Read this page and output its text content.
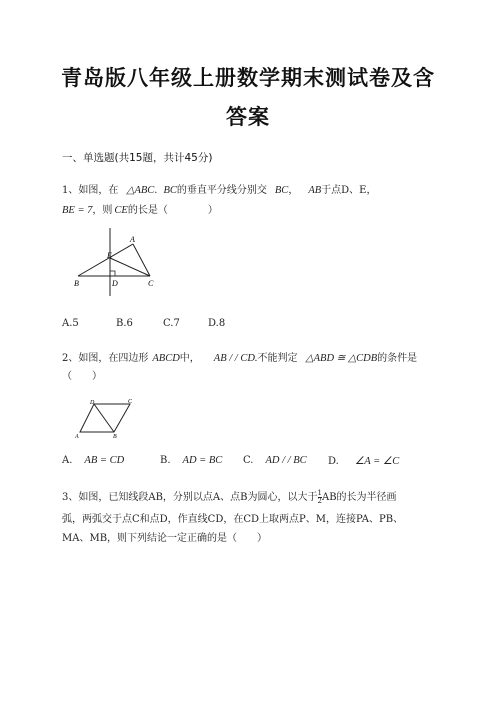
青岛版八年级上册数学期末测试卷及含
答案
一、单选题(共15题，共计45分)
1、如图，在 △ABC. BC的垂直平分线分别交 BC， AB于点D、E，
BE = 7，则 CE的长是（　　　　）
A
B	C
D
E
A.5	B.6	C.7	D.8
2、如图，在四边形 ABCD中， AB / / CD.不能判定 △ABD ≅ △CDB的条件是
（　　）
D	C
A	B
A. AB = CD	B. AD = BC C. AD / / BC D. ∠A = ∠C
3、如图，已知线段AB，分别以点A、点B为圆心，以大于 $\frac{1}{2}$ AB的长为半径画
弧，两弧交于点C和点D，作直线CD，在CD上取两点P、M，连接PA、PB、
MA、MB，则下列结论一定正确的是（　　）
